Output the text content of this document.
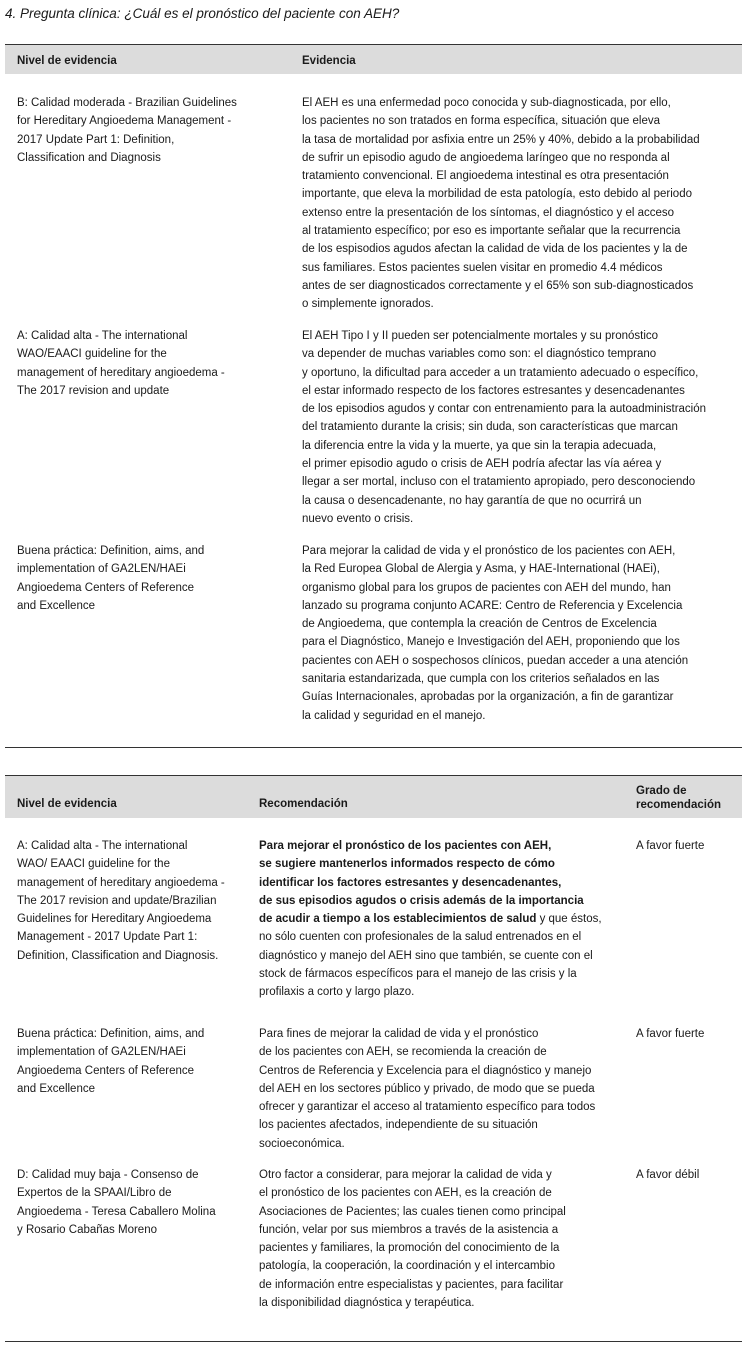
4. Pregunta clínica: ¿Cuál es el pronóstico del paciente con AEH?
Nivel de evidencia	Evidencia
B: Calidad moderada - Brazilian Guidelines
for Hereditary Angioedema Management -
2017 Update Part 1: Definition,
Classification and Diagnosis
El AEH es una enfermedad poco conocida y sub-diagnosticada, por ello,
los pacientes no son tratados en forma específica, situación que eleva
la tasa de mortalidad por asfixia entre un 25% y 40%, debido a la probabilidad
de sufrir un episodio agudo de angioedema laríngeo que no responda al
tratamiento convencional. El angioedema intestinal es otra presentación
importante, que eleva la morbilidad de esta patología, esto debido al periodo
extenso entre la presentación de los síntomas, el diagnóstico y el acceso
al tratamiento específico; por eso es importante señalar que la recurrencia
de los espisodios agudos afectan la calidad de vida de los pacientes y la de
sus familiares. Estos pacientes suelen visitar en promedio 4.4 médicos
antes de ser diagnosticados correctamente y el 65% son sub-diagnosticados
o simplemente ignorados.
A: Calidad alta - The international
WAO/EAACI guideline for the
management of hereditary angioedema -
The 2017 revision and update
El AEH Tipo I y II pueden ser potencialmente mortales y su pronóstico
va depender de muchas variables como son: el diagnóstico temprano
y oportuno, la dificultad para acceder a un tratamiento adecuado o específico,
el estar informado respecto de los factores estresantes y desencadenantes
de los episodios agudos y contar con entrenamiento para la autoadministración
del tratamiento durante la crisis; sin duda, son características que marcan
la diferencia entre la vida y la muerte, ya que sin la terapia adecuada,
el primer episodio agudo o crisis de AEH podría afectar las vía aérea y
llegar a ser mortal, incluso con el tratamiento apropiado, pero desconociendo
la causa o desencadenante, no hay garantía de que no ocurrirá un
nuevo evento o crisis.
Buena práctica: Definition, aims, and
implementation of GA2LEN/HAEi
Angioedema Centers of Reference
and Excellence
Para mejorar la calidad de vida y el pronóstico de los pacientes con AEH,
la Red Europea Global de Alergia y Asma, y HAE-International (HAEi),
organismo global para los grupos de pacientes con AEH del mundo, han
lanzado su programa conjunto ACARE: Centro de Referencia y Excelencia
de Angioedema, que contempla la creación de Centros de Excelencia
para el Diagnóstico, Manejo e Investigación del AEH, proponiendo que los
pacientes con AEH o sospechosos clínicos, puedan acceder a una atención
sanitaria estandarizada, que cumpla con los criterios señalados en las
Guías Internacionales, aprobadas por la organización, a fin de garantizar
la calidad y seguridad en el manejo.
Nivel de evidencia	Recomendación
Grado de
recomendación
A: Calidad alta - The international
WAO/ EAACI guideline for the
management of hereditary angioedema -
The 2017 revision and update/Brazilian
Guidelines for Hereditary Angioedema
Management - 2017 Update Part 1:
Definition, Classification and Diagnosis.
Para mejorar el pronóstico de los pacientes con AEH,
se sugiere mantenerlos informados respecto de cómo
identificar los factores estresantes y desencadenantes,
de sus episodios agudos o crisis además de la importancia
de acudir a tiempo a los establecimientos de salud y que éstos,
no sólo cuenten con profesionales de la salud entrenados en el
diagnóstico y manejo del AEH sino que también, se cuente con el
stock de fármacos específicos para el manejo de las crisis y la
profilaxis a corto y largo plazo.
A favor fuerte
Buena práctica: Definition, aims, and
implementation of GA2LEN/HAEi
Angioedema Centers of Reference
and Excellence
Para fines de mejorar la calidad de vida y el pronóstico
de los pacientes con AEH, se recomienda la creación de
Centros de Referencia y Excelencia para el diagnóstico y manejo
del AEH en los sectores público y privado, de modo que se pueda
ofrecer y garantizar el acceso al tratamiento específico para todos
los pacientes afectados, independiente de su situación
socioeconómica.
A favor fuerte
D: Calidad muy baja - Consenso de
Expertos de la SPAAI/Libro de
Angioedema - Teresa Caballero Molina
y Rosario Cabañas Moreno
Otro factor a considerar, para mejorar la calidad de vida y
el pronóstico de los pacientes con AEH, es la creación de
Asociaciones de Pacientes; las cuales tienen como principal
función, velar por sus miembros a través de la asistencia a
pacientes y familiares, la promoción del conocimiento de la
patología, la cooperación, la coordinación y el intercambio
de información entre especialistas y pacientes, para facilitar
la disponibilidad diagnóstica y terapéutica.
A favor débil
